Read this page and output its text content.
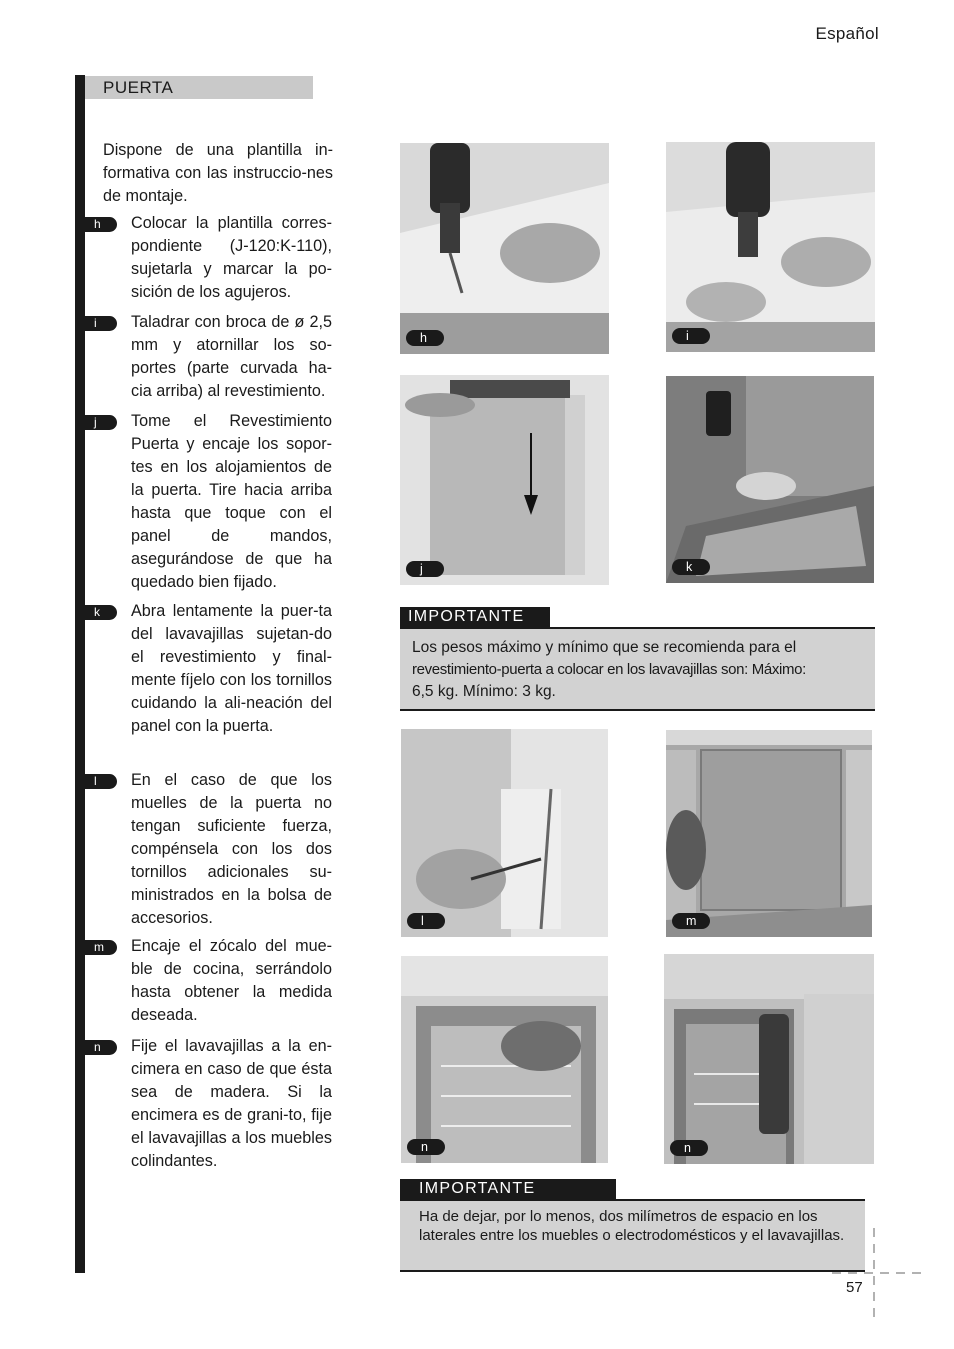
Español
PUERTA
Dispone de una plantilla in-formativa con las instruccio-nes de montaje.
h Colocar la plantilla corres-pondiente (J-120:K-110), sujetarla y marcar la po-sición de los agujeros.
i Taladrar con broca de ø 2,5 mm y atornillar los so-portes (parte curvada ha-cia arriba) al revestimiento.
j Tome el Revestimiento Puerta y encaje los sopor-tes en los alojamientos de la puerta. Tire hacia arriba hasta que toque con el panel de mandos, asegurándose de que ha quedado bien fijado.
k Abra lentamente la puer-ta del lavavajillas sujetan-do el revestimiento y final-mente fíjelo con los tornillos cuidando la ali-neación del panel con la puerta.
l En el caso de que los muelles de la puerta no tengan suficiente fuerza, compénsela con los dos tornillos adicionales su-ministrados en la bolsa de accesorios.
m Encaje el zócalo del mue-ble de cocina, serrándolo hasta obtener la medida deseada.
n Fije el lavavajillas a la en-cimera en caso de que ésta sea de madera. Si la encimera es de grani-to, fije el lavavajillas a los muebles colindantes.
h	i
j	k
l	m
n	n
IMPORTANTE

Los pesos máximo y mínimo que se recomienda para el

revestimiento-puerta a colocar en los lavavajillas son: Máximo:

6,5 kg. Mínimo: 3 kg.

IMPORTANTE

Ha de dejar, por lo menos, dos milímetros de espacio en los laterales entre los muebles o electrodomésticos y el lavavajillas.

57
